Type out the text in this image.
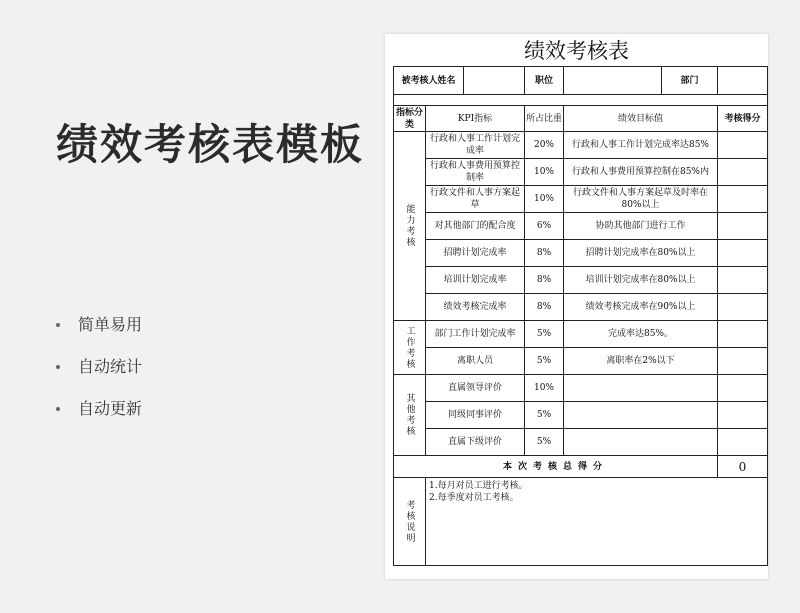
绩效考核表模板
简单易用
自动统计
自动更新
绩效考核表
被考核人姓名			职位		部门	

指标分类	KPI指标		所占比重	绩效目标值		考核得分

能力考核	行政和人事工作计划完成率		20%	行政和人事工作计划完成率达85%		
	行政和人事费用预算控制率		10%	行政和人事费用预算控制在85%内		
	行政文件和人事方案起草		10%	行政文件和人事方案起草及时率在80%以上		
	对其他部门的配合度		6%	协助其他部门进行工作		
	招聘计划完成率		8%	招聘计划完成率在80%以上		
	培训计划完成率		8%	培训计划完成率在80%以上		
	绩效考核完成率		8%	绩效考核完成率在90%以上		

工作考核	部门工作计划完成率		5%	完成率达85%。		
	离职人员		5%	离职率在2%以下		

其他考核	直属领导评价		10%			
	同级同事评价		5%			
	直属下级评价		5%			
本次考核总得分						0

考核说明	1.每月对员工进行考核。
2.每季度对员工考核。					
